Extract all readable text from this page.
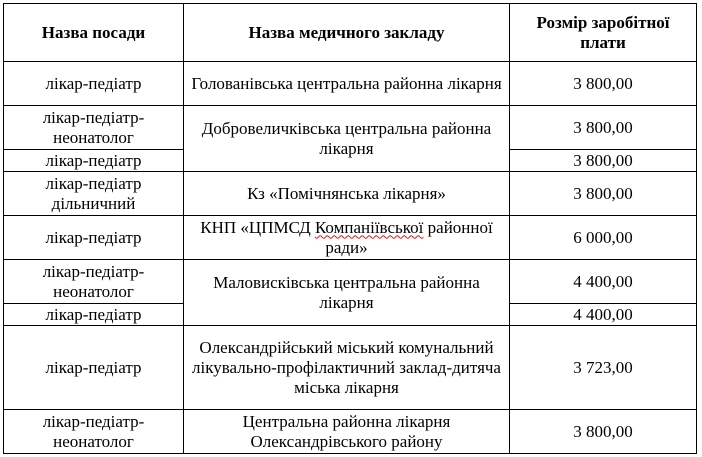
Назва посади	Назва медичного закладу	Розмір заробітної плати
лікар-педіатр	Голованівська центральна районна лікарня	3 800,00
лікар-педіатр-неонатолог	Добровеличківська центральна районна лікарня	3 800,00
лікар-педіатр		3 800,00
лікар-педіатр дільничний	Кз «Помічнянська лікарня»	3 800,00
лікар-педіатр	КНП «ЦПМСД Компаніївської районної ради»	6 000,00
лікар-педіатр-неонатолог	Маловисківська центральна районна лікарня	4 400,00
лікар-педіатр		4 400,00
лікар-педіатр	Олександрійський міський комунальний лікувально-профілактичний заклад-дитяча міська лікарня	3 723,00
лікар-педіатр-неонатолог	Центральна районна лікарня Олександрівського району	3 800,00
